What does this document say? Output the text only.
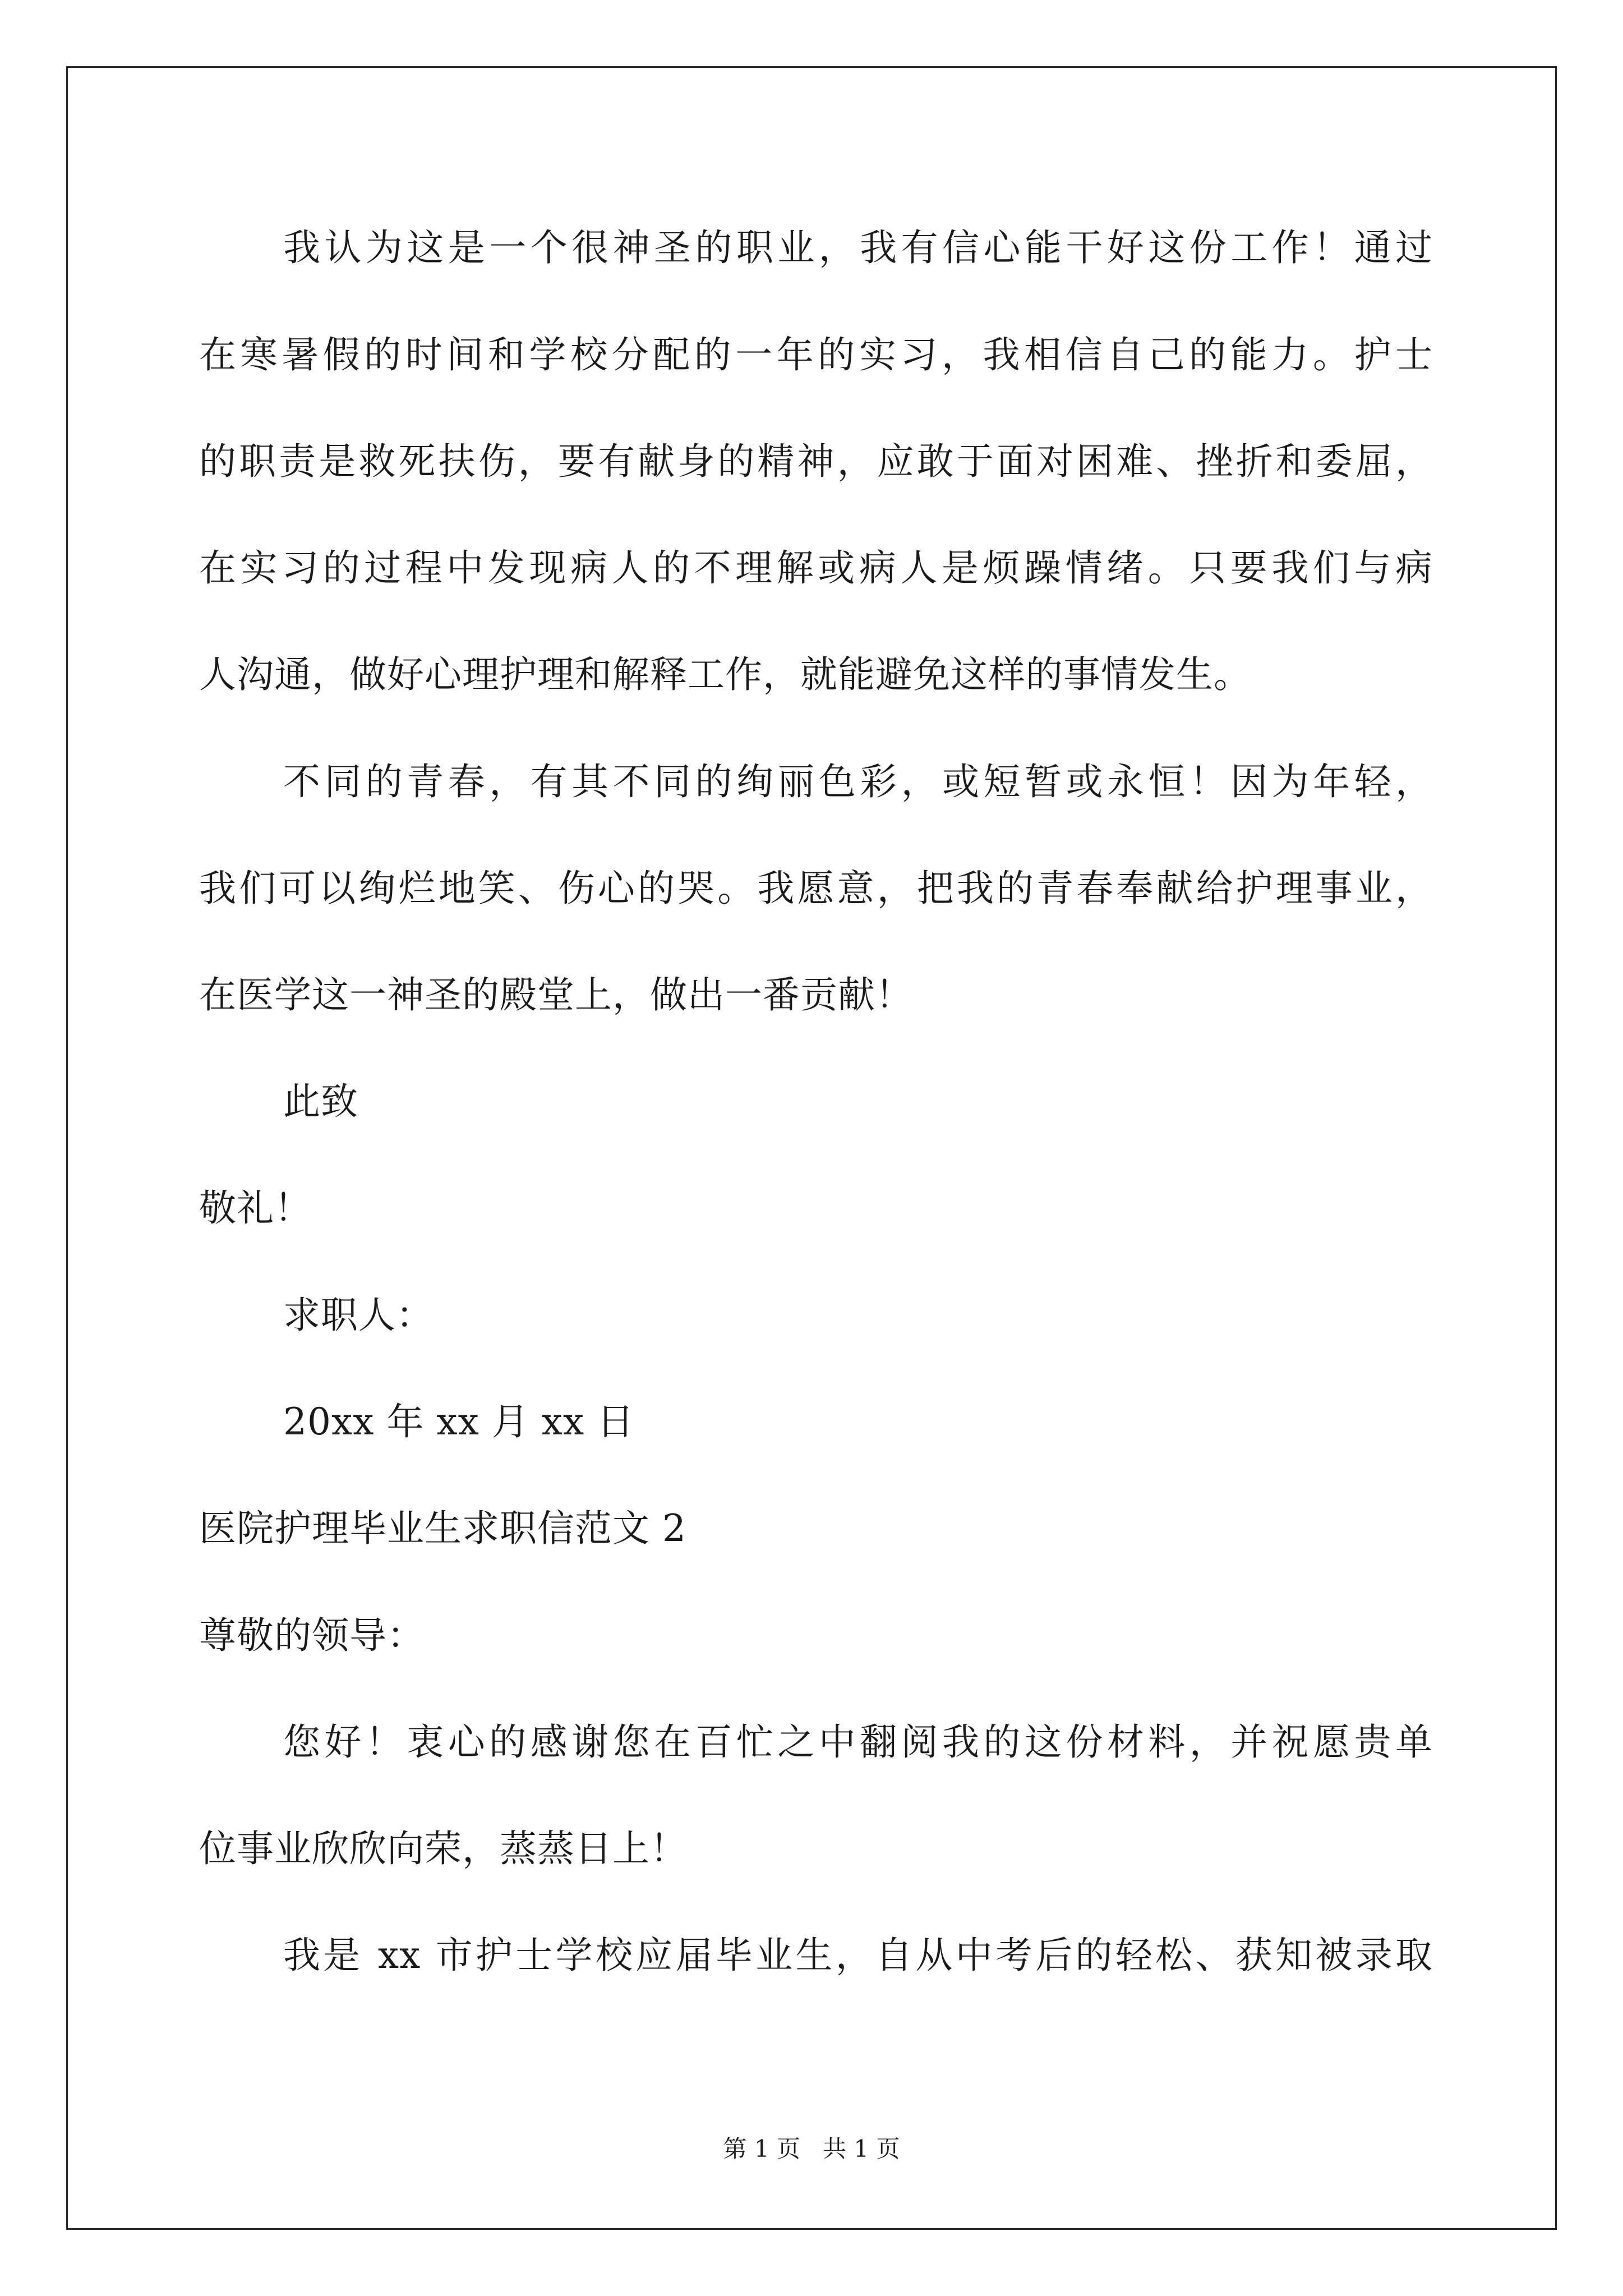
我认为这是一个很神圣的职业，我有信心能干好这份工作！通过
在寒暑假的时间和学校分配的一年的实习，我相信自己的能力。护士
的职责是救死扶伤，要有献身的精神，应敢于面对困难、挫折和委屈，
在实习的过程中发现病人的不理解或病人是烦躁情绪。只要我们与病
人沟通，做好心理护理和解释工作，就能避免这样的事情发生。
不同的青春，有其不同的绚丽色彩，或短暂或永恒！因为年轻，
我们可以绚烂地笑、伤心的哭。我愿意，把我的青春奉献给护理事业，
在医学这一神圣的殿堂上，做出一番贡献！
此致
敬礼！
求职人：
20xx 年 xx 月 xx 日
医院护理毕业生求职信范文 2
尊敬的领导：
您好！衷心的感谢您在百忙之中翻阅我的这份材料，并祝愿贵单
位事业欣欣向荣，蒸蒸日上！
我是 xx 市护士学校应届毕业生，自从中考后的轻松、获知被录取
第 1 页   共 1 页
